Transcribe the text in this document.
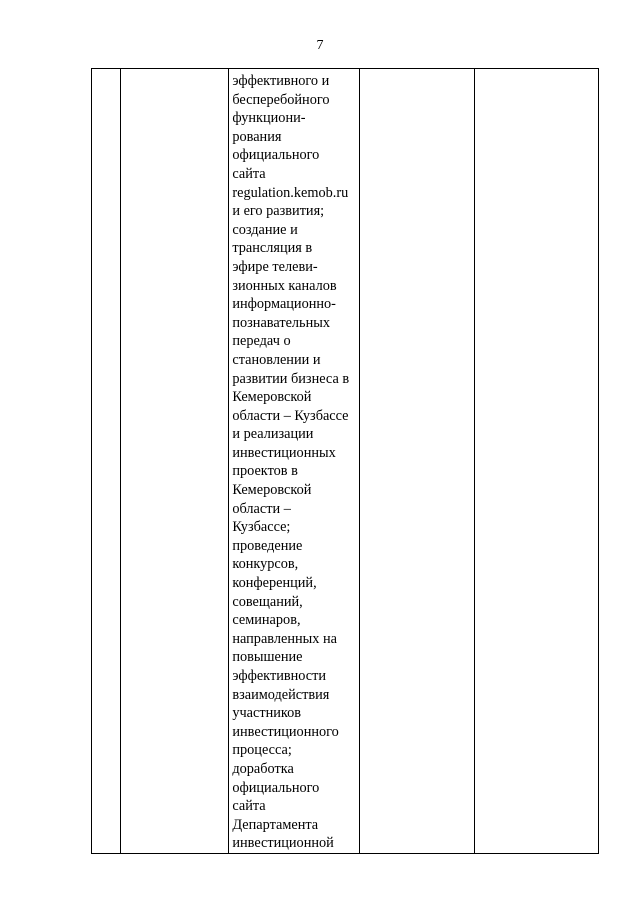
7

эффективного и
бесперебойного
функциони-
рования
официального
сайта
regulation.kemob.ru
и его развития;
создание и
трансляция в
эфире телеви-
зионных каналов
информационно-
познавательных
передач о
становлении и
развитии бизнеса в
Кемеровской
области – Кузбассе
и реализации
инвестиционных
проектов в
Кемеровской
области –
Кузбассе;
проведение
конкурсов,
конференций,
совещаний,
семинаров,
направленных на
повышение
эффективности
взаимодействия
участников
инвестиционного
процесса;
доработка
официального
сайта
Департамента
инвестиционной
